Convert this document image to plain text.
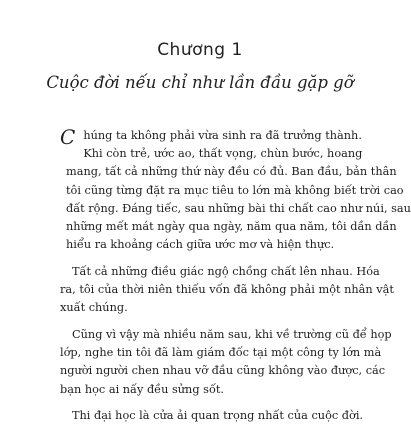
Chương 1
Cuộc đời nếu chỉ như lần đầu gặp gỡ

Chúng ta không phải vừa sinh ra đã trưởng thành.
Khi còn trẻ, ước ao, thất vọng, chùn bước, hoang
mang, tất cả những thứ này đều có đủ. Ban đầu, bản thân
tôi cũng từng đặt ra mục tiêu to lớn mà không biết trời cao
đất rộng. Đáng tiếc, sau những bài thi chất cao như núi, sau
những mết mát ngày qua ngày, năm qua năm, tôi dần dần
hiểu ra khoảng cách giữa ước mơ và hiện thực.

Tất cả những điều giác ngộ chồng chất lên nhau. Hóa
ra, tôi của thời niên thiếu vốn đã không phải một nhân vật
xuất chúng.

Cũng vì vậy mà nhiều năm sau, khi về trường cũ để họp
lớp, nghe tin tôi đã làm giám đốc tại một công ty lớn mà
người người chen nhau vỡ đầu cũng không vào được, các
bạn học ai nấy đều sửng sốt.

Thi đại học là cửa ải quan trọng nhất của cuộc đời.
